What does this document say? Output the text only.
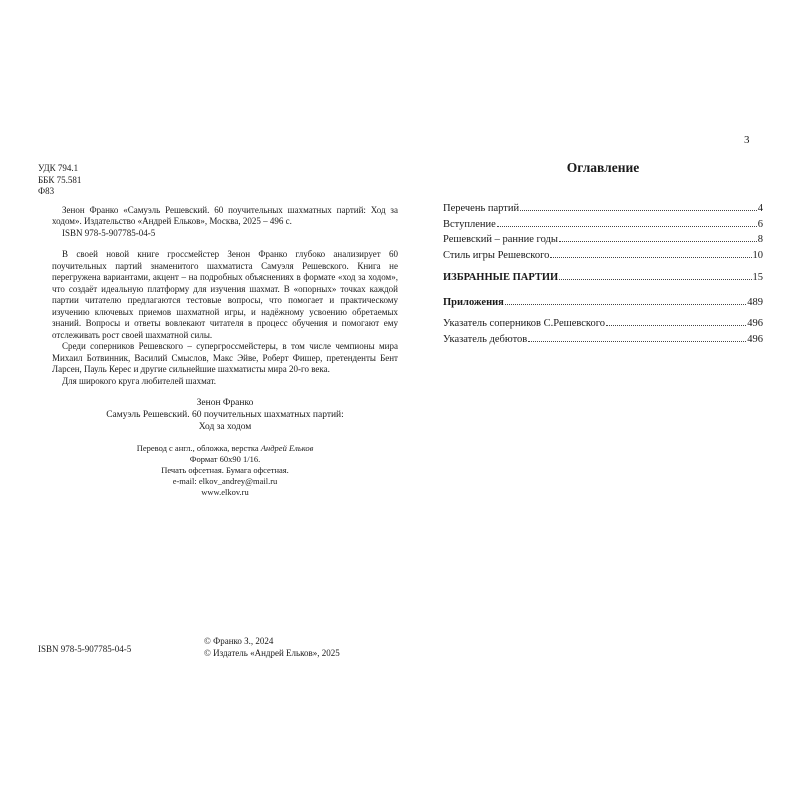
3
УДК 794.1
ББК 75.581
Ф83

Зенон Франко «Самуэль Решевский. 60 поучительных шахматных партий: Ход за ходом». Издательство «Андрей Ельков», Москва, 2025 – 496 с.

ISBN 978-5-907785-04-5

В своей новой книге гроссмейстер Зенон Франко глубоко анализирует 60 поучительных партий знаменитого шахматиста Самуэля Решевского. Книга не перегружена вариантами, акцент – на подробных объяснениях в формате «ход за ходом», что создаёт идеальную платформу для изучения шахмат. В «опорных» точках каждой партии читателю предлагаются тестовые вопросы, что помогает и практическому изучению ключевых приемов шахматной игры, и надёжному усвоению обретаемых знаний. Вопросы и ответы вовлекают читателя в процесс обучения и помогают ему отслеживать рост своей шахматной силы.

Среди соперников Решевского – супергроссмейстеры, в том числе чемпионы мира Михаил Ботвинник, Василий Смыслов, Макс Эйве, Роберт Фишер, претенденты Бент Ларсен, Пауль Керес и другие сильнейшие шахматисты мира 20-го века.

Для широкого круга любителей шахмат.

Зенон Франко
Самуэль Решевский. 60 поучительных шахматных партий:
Ход за ходом
Перевод с англ., обложка, верстка Андрей Ельков
Формат 60x90 1/16.
Печать офсетная. Бумага офсетная.
e-mail: elkov_andrey@mail.ru
www.elkov.ru
ISBN 978-5-907785-04-5
© Франко З., 2024
© Издатель «Андрей Ельков», 2025
Оглавление
Перечень партий	4
Вступление	6
Решевский – ранние годы	8
Стиль игры Решевского	10
ИЗБРАННЫЕ ПАРТИИ	15
Приложения	489
Указатель соперников С.Решевского	496
Указатель дебютов	496
